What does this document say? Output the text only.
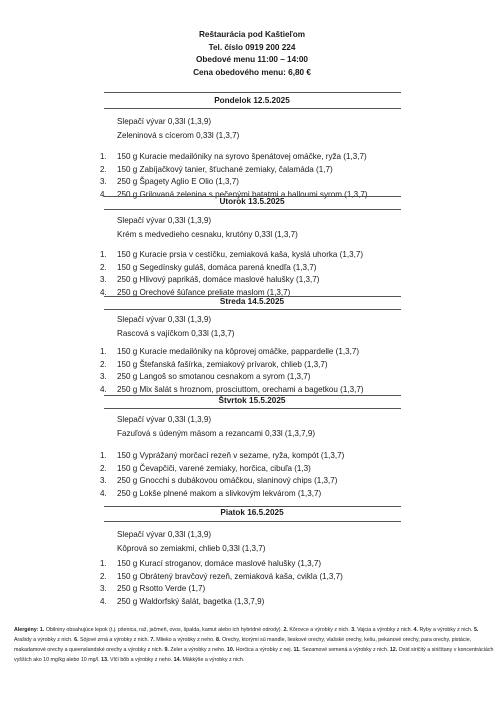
Reštaurácia pod Kaštieľom
Tel. číslo 0919 200 224
Obedové menu 11:00 – 14:00
Cena obedového menu: 6,80 €
Pondelok 12.5.2025
Slepačí vývar 0,33l (1,3,9)
Zeleninová s cícerom 0,33l (1,3,7)
1. 150 g Kuracie medailóniky na syrovo špenátovej omáčke, ryža (1,3,7)
2. 150 g Zabíjačkový tanier, šťuchané zemiaky, čalamáda (1,7)
3. 250 g Špagety Aglio E Olio (1,3,7)
4. 250 g Grilovaná zelenina s pečenými batatmi a halloumi syrom (1,3,7)
Utorok 13.5.2025
Slepačí vývar 0,33l (1,3,9)
Krém s medvedieho cesnaku, krutóny 0,33l (1,3,7)
1. 150 g Kuracie prsia v cestíčku, zemiaková kaša, kyslá uhorka (1,3,7)
2. 150 g Segedínsky guláš, domáca parená knedľa (1,3,7)
3. 250 g Hlivový paprikáš, domáce maslové halušky (1,3,7)
4. 250 g Orechové šúľance preliate maslom (1,3,7)
Streda 14.5.2025
Slepačí vývar 0,33l (1,3,9)
Rascová s vajíčkom 0,33l (1,3,7)
1. 150 g Kuracie medailóniky na kôprovej omáčke, pappardelle (1,3,7)
2. 150 g Štefanská fašírka, zemiakový prívarok, chlieb (1,3,7)
3. 250 g Langoš so smotanou cesnakom a syrom (1,3,7)
4. 250 g Mix šalát s hroznom, prosciuttom, orechami a bagetkou (1,3,7)
Štvrtok 15.5.2025
Slepačí vývar 0,33l (1,3,9)
Fazuľová s údeným mäsom a rezancami 0,33l (1,3,7,9)
1. 150 g Vyprážaný morčací rezeň v sezame, ryža, kompót (1,3,7)
2. 150 g Čevapčiči, varené zemiaky, horčica, cibuľa (1,3)
3. 250 g Gnocchi s dubákovou omáčkou, slaninový chips (1,3,7)
4. 250 g Lokše plnené makom a slivkovým lekvárom (1,3,7)
Piatok 16.5.2025
Slepačí vývar 0,33l (1,3,9)
Kôprová so zemiakmi, chlieb 0,33l (1,3,7)
1. 150 g Kurací stroganov, domáce maslové halušky (1,3,7)
2. 150 g Obrátený bravčový rezeň, zemiaková kaša, cvikla (1,3,7)
3. 250 g Rsotto Verde (1,7)
4. 250 g Waldorfský šalát, bagetka (1,3,7,9)
Alergény: 1. Obilniny obsahujúce lepok (t.j. pšenica, raž, jačmeň, ovos, špalda, kamut alebo ich hybridné odrody). 2. Kôrovce a výrobky z nich. 3. Vajcia a výrobky z nich. 4. Ryby a výrobky z nich. 5. Arašidy a výrobky z nich. 6. Sójové zrná a výrobky z nich. 7. Mlieko a výrobky z neho. 8. Orechy, ktorými sú mandle, lieskové orechy, vlašské orechy, kešu, pekanové orechy, para orechy, pistácie, makadamové orechy a queenslandské orechy a výrobky z nich. 9. Zeler a výrobky z neho. 10. Horčica a výrobky z nej. 11. Sezamové semená a výrobky z nich. 12. Oxid siričitý a siričitany v koncentráciách vyšších ako 10 mg/kg alebo 10 mg/l. 13. Vlčí bôb a výrobky z neho. 14. Mäkkýše a výrobky z nich.
